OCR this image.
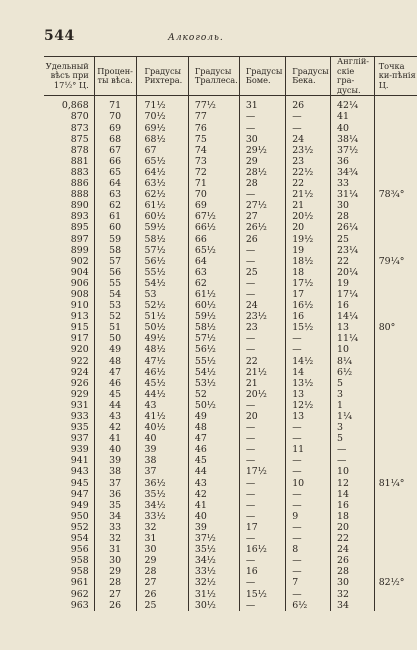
544	Алкоголь.
Удельный вѣсъ при 17½° Ц.	Процен-ты вѣса.	Градусы Рихтера.	Градусы Траллеса.	Градусы Боме.	Градусы Бека.	Англій-скіе гра-дусы.	Точка ки-пѣнія Ц.
0,868	71	71½	77½	31	26	42¼	
870	70	70½	77	—	—	41	
873	69	69½	76	—	—	40	
875	68	68½	75	30	24	38¼	
878	67	67	74	29½	23½	37½	
881	66	65½	73	29	23	36	
883	65	64½	72	28½	22½	34¾	
886	64	63½	71	28	22	33	
888	63	62½	70	—	21½	31¼	78¾°
890	62	61½	69	27½	21	30	
893	61	60½	67½	27	20½	28	
895	60	59½	66½	26½	20	26¼	
897	59	58½	66	26	19½	25	
899	58	57½	65½	—	19	23¼	
902	57	56½	64	—	18½	22	79¼°
904	56	55½	63	25	18	20¼	
906	55	54½	62	—	17½	19	
908	54	53	61½	—	17	17¼	
910	53	52½	60½	24	16½	16	
913	52	51½	59½	23½	16	14¼	
915	51	50½	58½	23	15½	13	80°
917	50	49½	57½	—	—	11¼	
920	49	48½	56½	—	—	10	
922	48	47½	55½	22	14½	8¼	
924	47	46½	54½	21½	14	6½	
926	46	45½	53½	21	13½	5	
929	45	44½	52	20½	13	3	
931	44	43	50½	—	12½	1	
933	43	41½	49	20	13	1¼	
935	42	40½	48	—	—	3	
937	41	40	47	—	—	5	
939	40	39	46	—	11	—	
941	39	38	45	—	—	—	
943	38	37	44	17½	—	10	
945	37	36½	43	—	10	12	81¼°
947	36	35½	42	—	—	14	
949	35	34½	41	—	—	16	
950	34	33½	40	—	9	18	
952	33	32	39	17	—	20	
954	32	31	37½	—	—	22	
956	31	30	35½	16½	8	24	
958	30	29	34½	—	—	26	
958	29	28	33½	16	—	28	
961	28	27	32½	—	7	30	82½°
962	27	26	31½	15½	—	32	
963	26	25	30½	—	6½	34	
